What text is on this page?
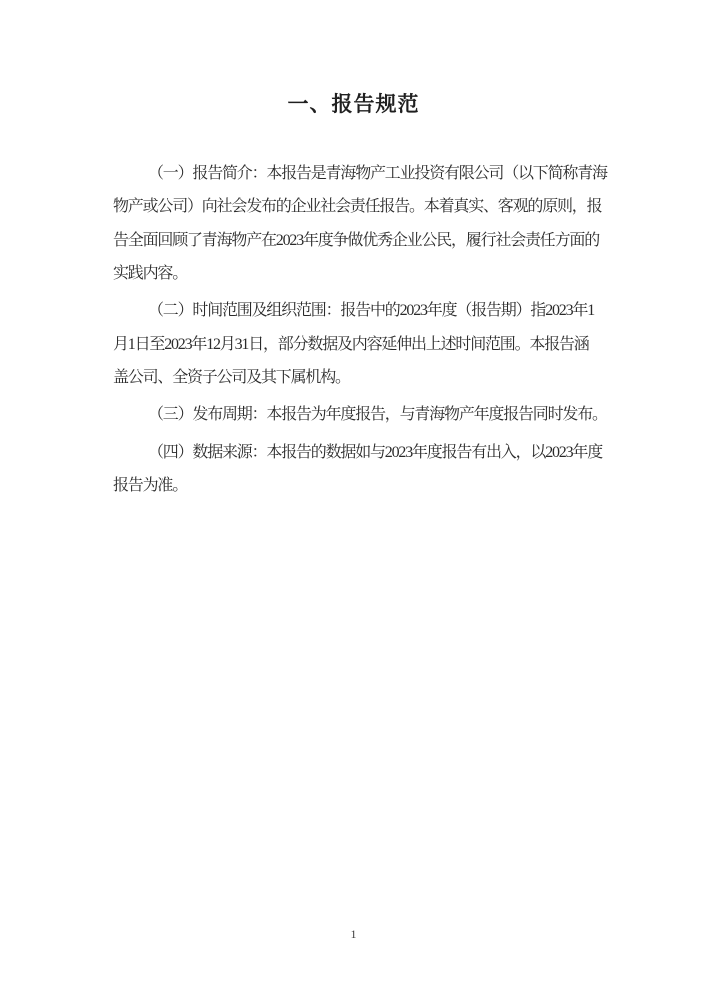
一、报告规范
（一）报告简介：本报告是青海物产工业投资有限公司（以下简称青海
物产或公司）向社会发布的企业社会责任报告。本着真实、客观的原则，报
告全面回顾了青海物产在2023年度争做优秀企业公民，履行社会责任方面的
实践内容。
（二）时间范围及组织范围：报告中的2023年度（报告期）指2023年1
月1日至2023年12月31日，部分数据及内容延伸出上述时间范围。本报告涵
盖公司、全资子公司及其下属机构。
（三）发布周期：本报告为年度报告，与青海物产年度报告同时发布。
（四）数据来源：本报告的数据如与2023年度报告有出入，以2023年度
报告为准。
1
